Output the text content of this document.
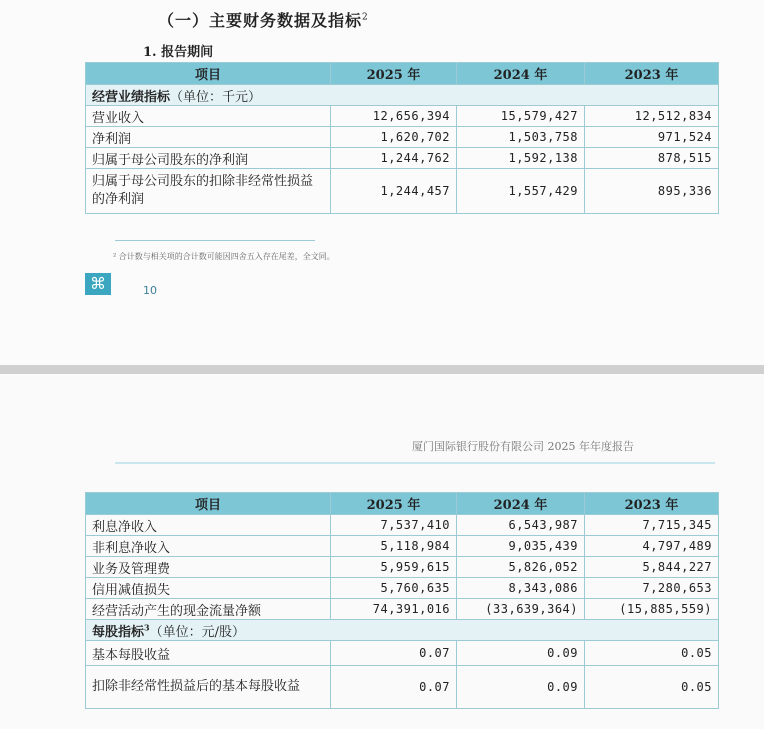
（一）主要财务数据及指标$^2$
1. 报告期间
项目	2025 年	2024 年	2023 年
经营业绩指标（单位：千元）			
营业收入	12,656,394	15,579,427	12,512,834
净利润	1,620,702	1,503,758	971,524
归属于母公司股东的净利润	1,244,762	1,592,138	878,515
归属于母公司股东的扣除非经常性损益的净利润	1,244,457	1,557,429	895,336
² 合计数与相关项的合计数可能因四舍五入存在尾差，全文同。
⌘	10
厦门国际银行股份有限公司 2025 年年度报告
项目	2025 年	2024 年	2023 年
利息净收入	7,537,410	6,543,987	7,715,345
非利息净收入	5,118,984	9,035,439	4,797,489
业务及管理费	5,959,615	5,826,052	5,844,227
信用减值损失	5,760,635	8,343,086	7,280,653
经营活动产生的现金流量净额	74,391,016	(33,639,364)	(15,885,559)
每股指标$^3$（单位：元/股）			
基本每股收益	0.07	0.09	0.05
扣除非经常性损益后的基本每股收益	0.07	0.09	0.05
